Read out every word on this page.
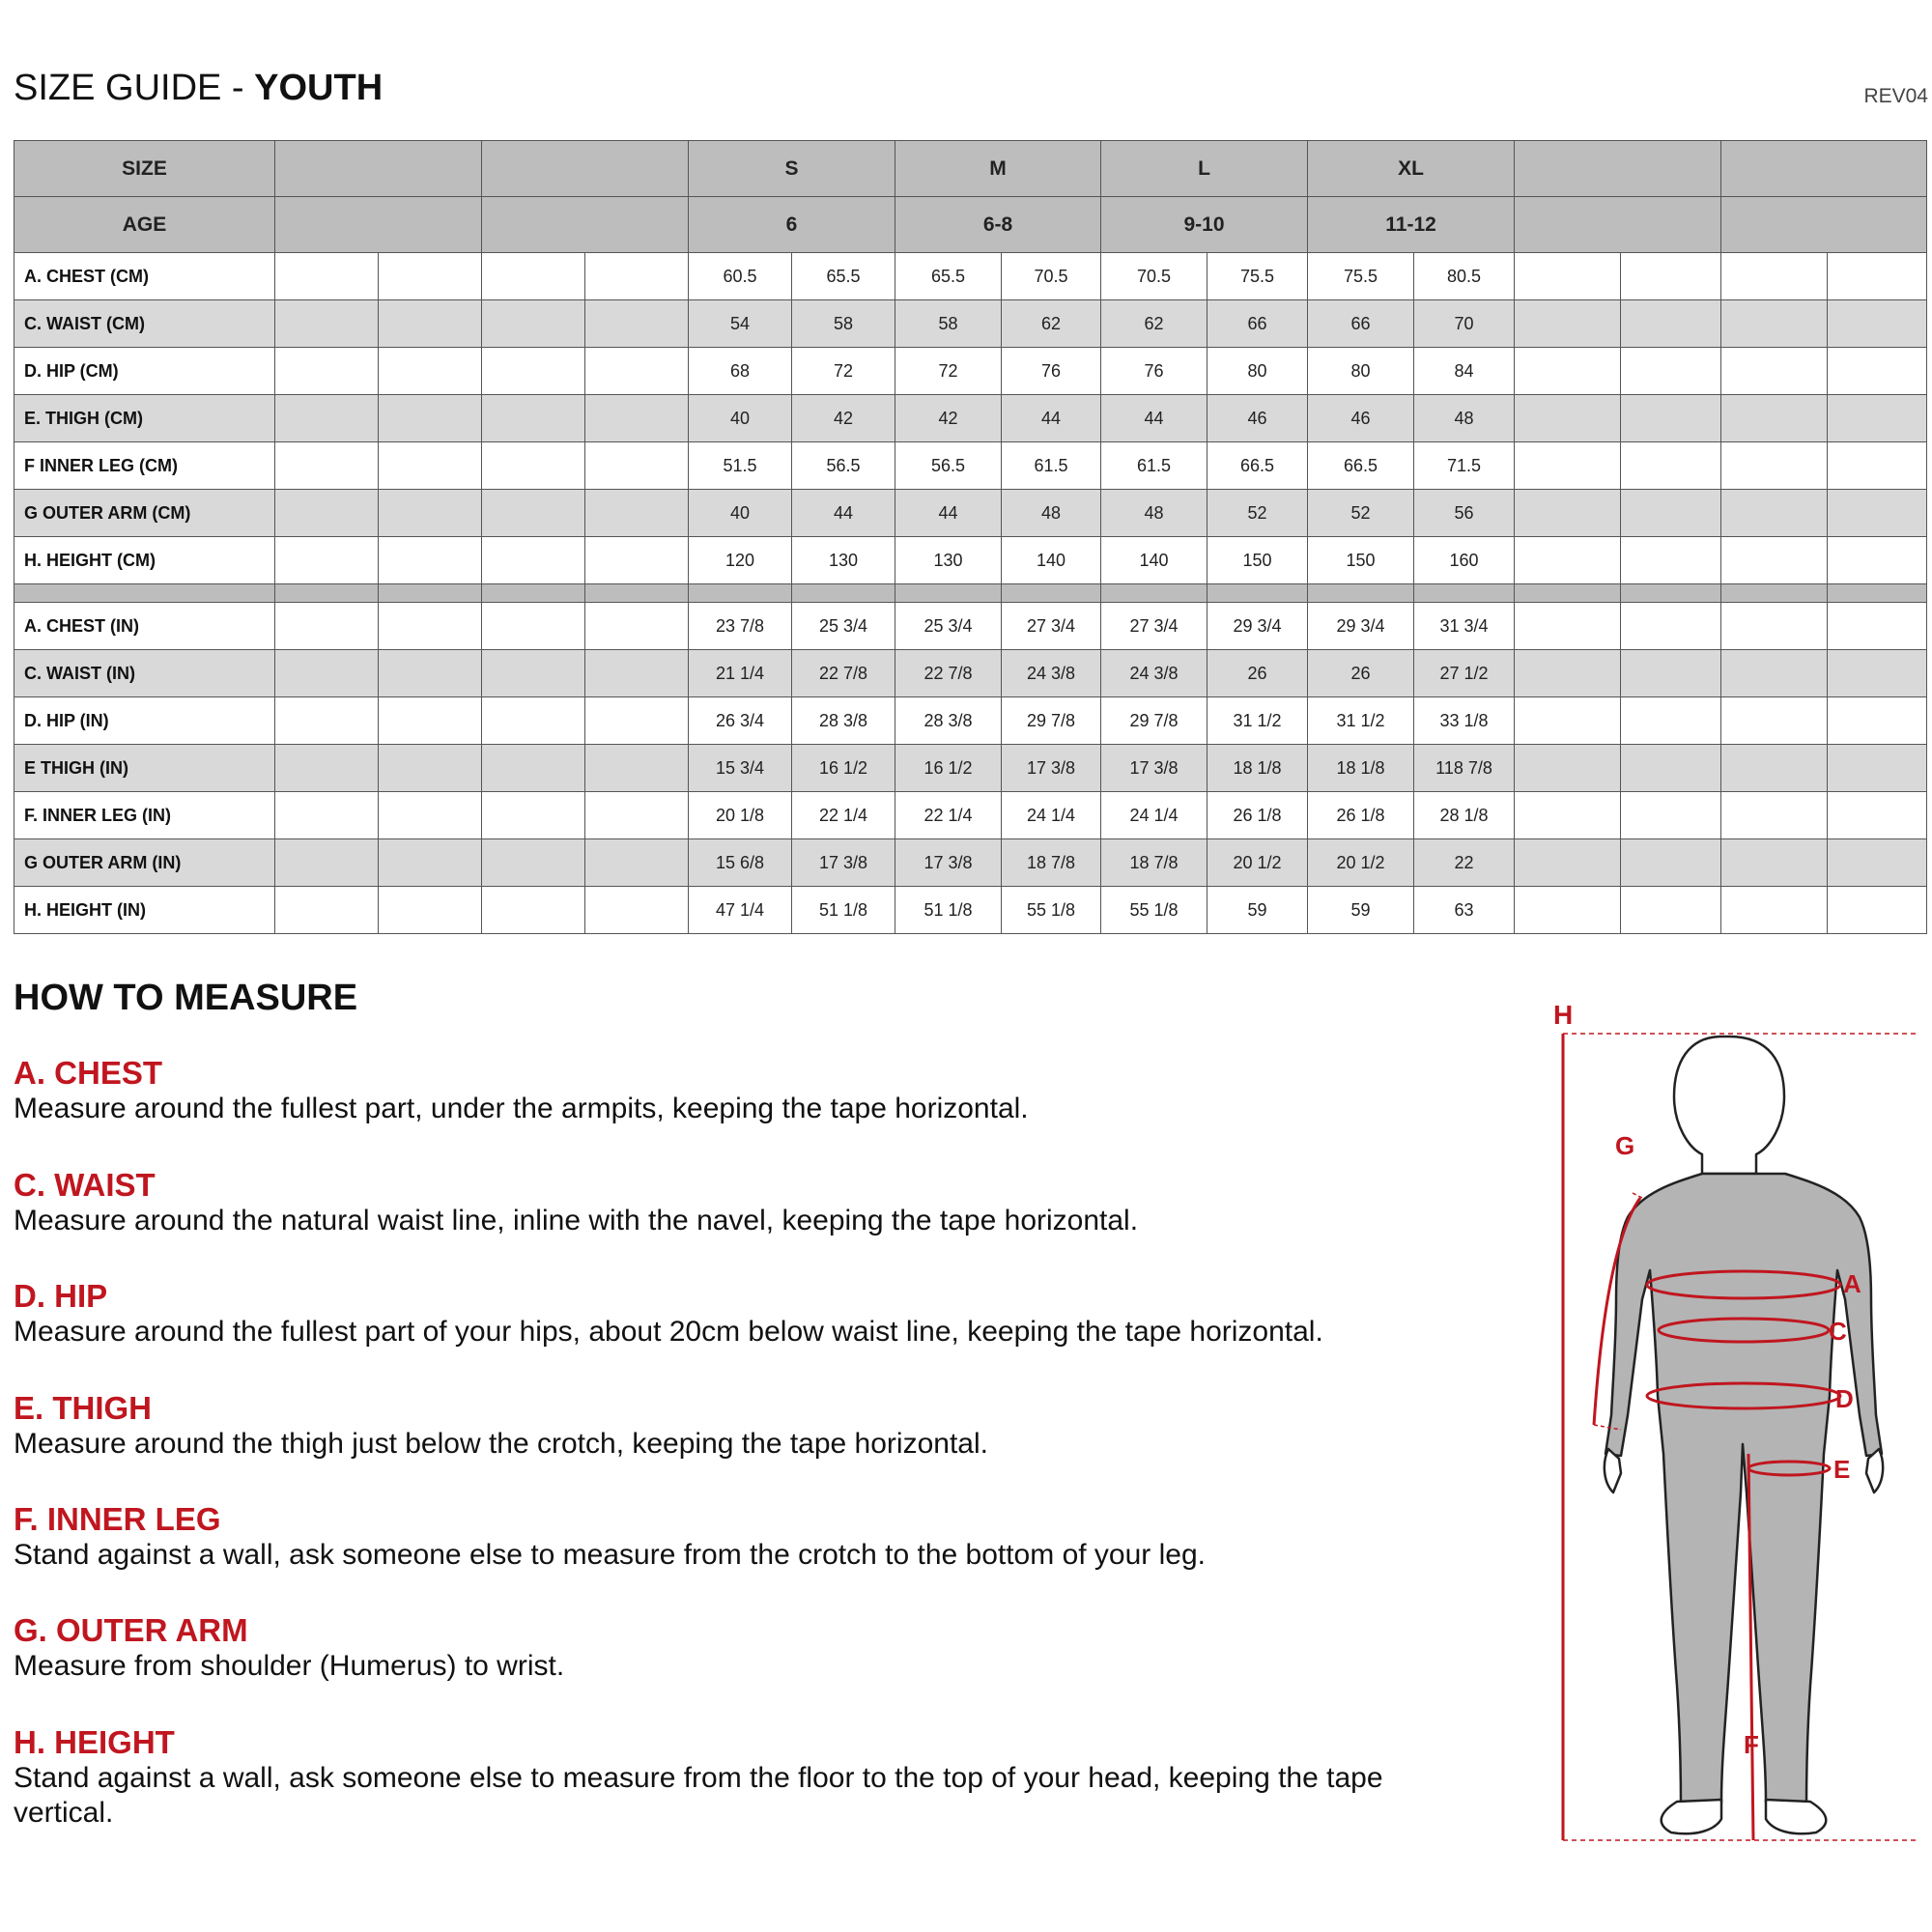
SIZE GUIDE - YOUTH	REV04
SIZE					S		M		L		XL					
AGE					6		6-8		9-10		11-12					
A. CHEST (CM)					60.5	65.5	65.5	70.5	70.5	75.5	75.5	80.5				
C. WAIST (CM)					54	58	58	62	62	66	66	70				
D. HIP (CM)					68	72	72	76	76	80	80	84				
E. THIGH (CM)					40	42	42	44	44	46	46	48				
F INNER LEG (CM)					51.5	56.5	56.5	61.5	61.5	66.5	66.5	71.5				
G OUTER ARM (CM)					40	44	44	48	48	52	52	56				
H. HEIGHT (CM)					120	130	130	140	140	150	150	160				

A. CHEST (IN)					23 7/8	25 3/4	25 3/4	27 3/4	27 3/4	29 3/4	29 3/4	31 3/4				
C. WAIST (IN)					21 1/4	22 7/8	22 7/8	24 3/8	24 3/8	26	26	27 1/2				
D. HIP (IN)					26 3/4	28 3/8	28 3/8	29 7/8	29 7/8	31 1/2	31 1/2	33 1/8				
E THIGH (IN)					15 3/4	16 1/2	16 1/2	17 3/8	17 3/8	18 1/8	18 1/8	118 7/8				
F. INNER LEG (IN)					20 1/8	22 1/4	22 1/4	24 1/4	24 1/4	26 1/8	26 1/8	28 1/8				
G OUTER ARM (IN)					15 6/8	17 3/8	17 3/8	18 7/8	18 7/8	20 1/2	20 1/2	22				
H. HEIGHT (IN)					47 1/4	51 1/8	51 1/8	55 1/8	55 1/8	59	59	63				
HOW TO MEASURE
A. CHEST
Measure around the fullest part, under the armpits, keeping the tape horizontal.
C. WAIST
Measure around the natural waist line, inline with the navel, keeping the tape horizontal.
D. HIP
Measure around the fullest part of your hips, about 20cm below waist line, keeping the tape horizontal.
E. THIGH
Measure around the thigh just below the crotch, keeping the tape horizontal.
F. INNER LEG
Stand against a wall, ask someone else to measure from the crotch to the bottom of your leg.
G. OUTER ARM
Measure from shoulder (Humerus) to wrist.
H. HEIGHT
Stand against a wall, ask someone else to measure from the floor to the top of your head, keeping the tape vertical.
H
G
A
C
D
E
F
